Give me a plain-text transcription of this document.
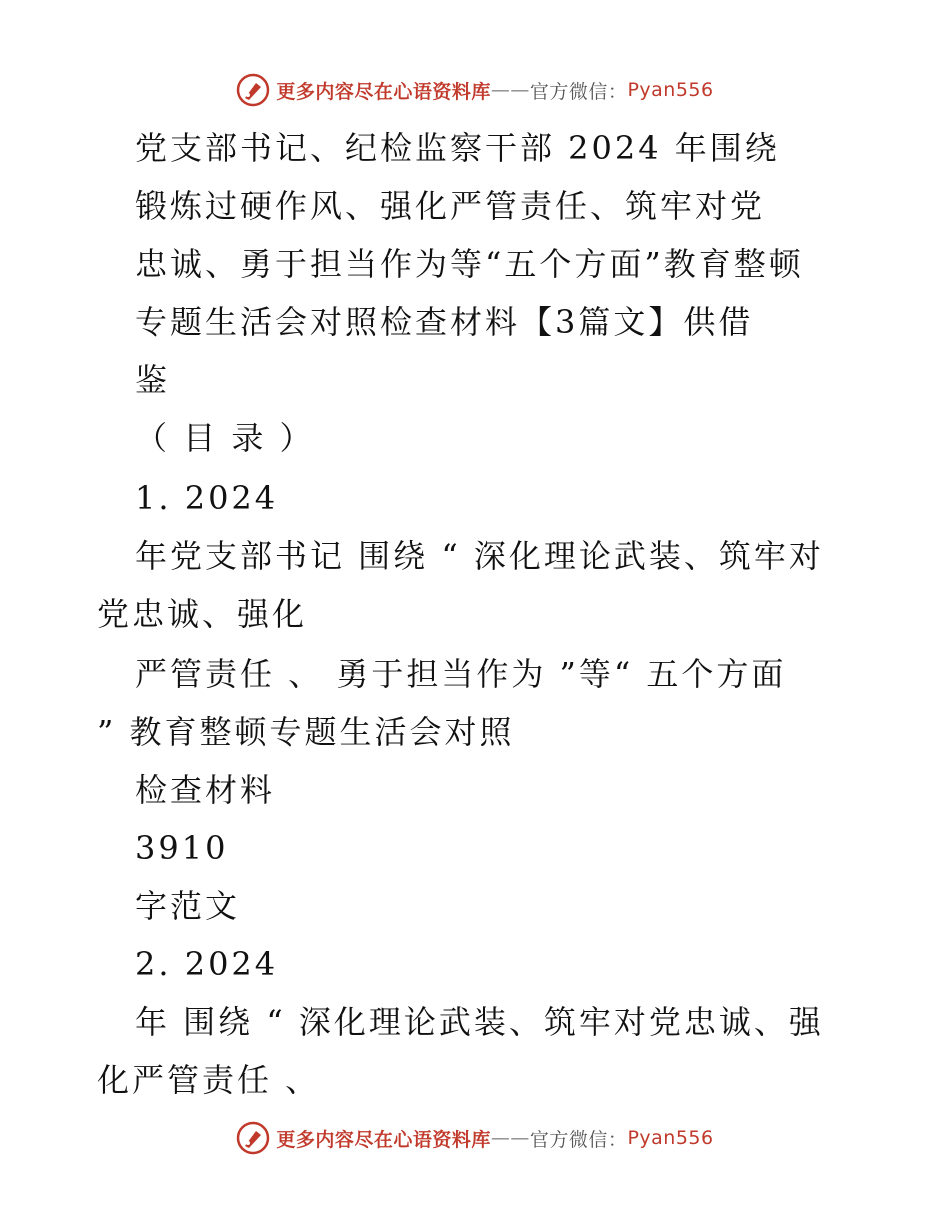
更多内容尽在心语资料库 —— 官方微信： Pyan556
党支部书记、纪检监察干部 2024 年围绕
锻炼过硬作风、强化严管责任、筑牢对党
忠诚、勇于担当作为等“五个方面”教育整顿
专题生活会对照检查材料【3篇文】供借
鉴
（ 目 录 ）
1. 2024
年党支部书记 围绕 “ 深化理论武装、筑牢对
党忠诚、强化
严管责任 、 勇于担当作为 ”等“ 五个方面
” 教育整顿专题生活会对照
检查材料
3910
字范文
2. 2024
年 围绕 “ 深化理论武装、筑牢对党忠诚、强
化严管责任 、
更多内容尽在心语资料库 —— 官方微信： Pyan556
